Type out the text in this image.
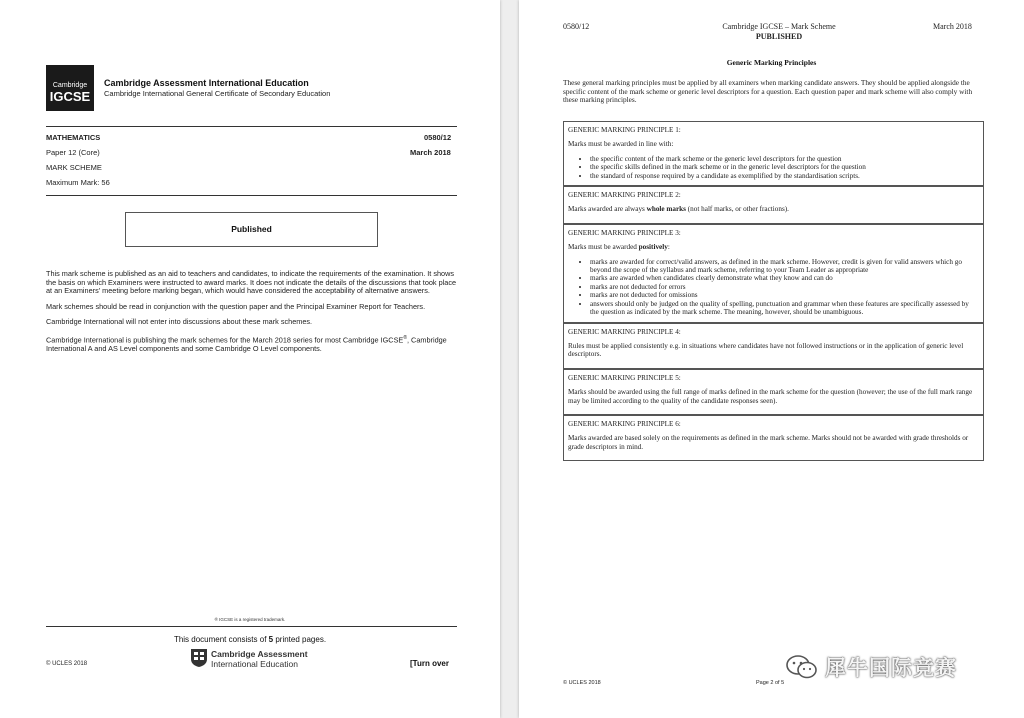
Cambridge
IGCSE
Cambridge Assessment International Education
Cambridge International General Certificate of Secondary Education
MATHEMATICS	0580/12
Paper 12 (Core)	March 2018
MARK SCHEME
Maximum Mark: 56
Published

This mark scheme is published as an aid to teachers and candidates, to indicate the requirements of the examination. It shows the basis on which Examiners were instructed to award marks. It does not indicate the details of the discussions that took place at an Examiners' meeting before marking began, which would have considered the acceptability of alternative answers.

Mark schemes should be read in conjunction with the question paper and the Principal Examiner Report for Teachers.

Cambridge International will not enter into discussions about these mark schemes.

Cambridge International is publishing the mark schemes for the March 2018 series for most Cambridge IGCSE®, Cambridge International A and AS Level components and some Cambridge O Level components.

® IGCSE is a registered trademark.
This document consists of 5 printed pages.
© UCLES 2018
Cambridge Assessment
International Education	[Turn over
0580/12	Cambridge IGCSE – Mark Scheme
PUBLISHED
March 2018
Generic Marking Principles
These general marking principles must be applied by all examiners when marking candidate answers. They should be applied alongside the specific content of the mark scheme or generic level descriptors for a question. Each question paper and mark scheme will also comply with these marking principles.
GENERIC MARKING PRINCIPLE 1:

Marks must be awarded in line with:

• the specific content of the mark scheme or the generic level descriptors for the question
• the specific skills defined in the mark scheme or in the generic level descriptors for the question
• the standard of response required by a candidate as exemplified by the standardisation scripts.
GENERIC MARKING PRINCIPLE 2:

Marks awarded are always whole marks (not half marks, or other fractions).

GENERIC MARKING PRINCIPLE 3:

Marks must be awarded positively:

• marks are awarded for correct/valid answers, as defined in the mark scheme. However, credit is given for valid answers which go beyond the scope of the syllabus and mark scheme, referring to your Team Leader as appropriate
• marks are awarded when candidates clearly demonstrate what they know and can do
• marks are not deducted for errors
• marks are not deducted for omissions
• answers should only be judged on the quality of spelling, punctuation and grammar when these features are specifically assessed by the question as indicated by the mark scheme. The meaning, however, should be unambiguous.
GENERIC MARKING PRINCIPLE 4:

Rules must be applied consistently e.g. in situations where candidates have not followed instructions or in the application of generic level descriptors.

GENERIC MARKING PRINCIPLE 5:

Marks should be awarded using the full range of marks defined in the mark scheme for the question (however; the use of the full mark range may be limited according to the quality of the candidate responses seen).

GENERIC MARKING PRINCIPLE 6:

Marks awarded are based solely on the requirements as defined in the mark scheme. Marks should not be awarded with grade thresholds or grade descriptors in mind.

© UCLES 2018	Page 2 of 5
犀牛国际竞赛
